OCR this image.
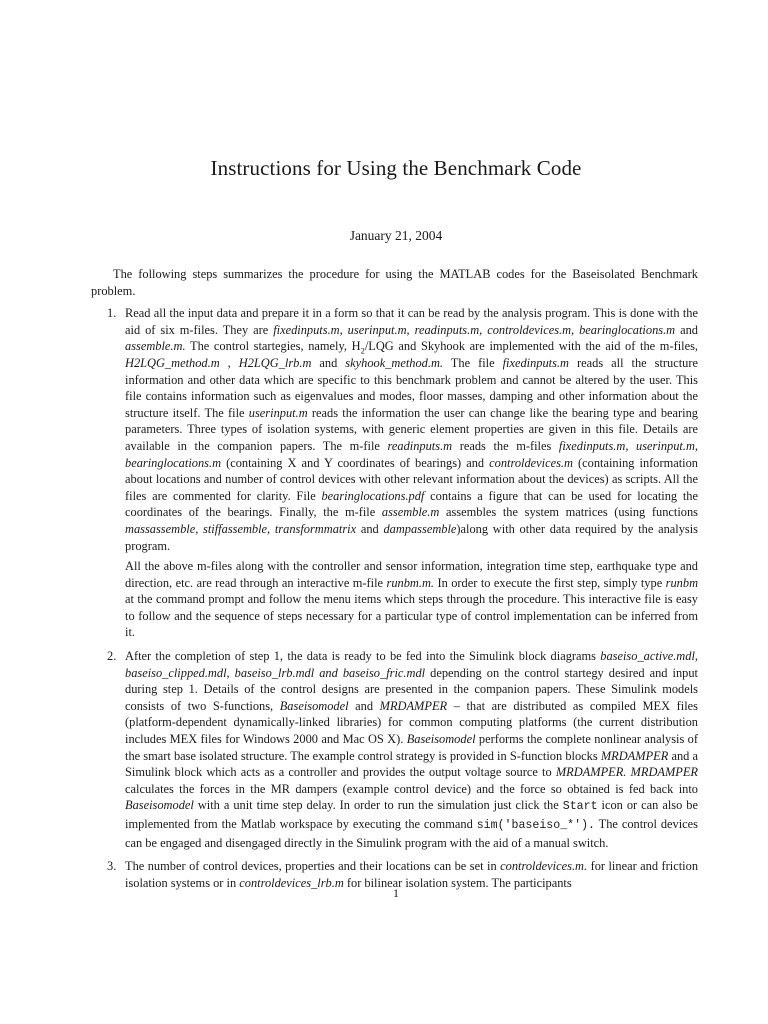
Instructions for Using the Benchmark Code
January 21, 2004

The following steps summarizes the procedure for using the MATLAB codes for the Baseisolated Benchmark problem.

1. Read all the input data and prepare it in a form so that it can be read by the analysis program. This is done with the aid of six m-files. They are fixedinputs.m, userinput.m, readinputs.m, controldevices.m, bearinglocations.m and assemble.m. The control startegies, namely, $H_2$/LQG and Skyhook are implemented with the aid of the m-files, H2LQG_method.m , H2LQG_lrb.m and skyhook_method.m. The file fixedinputs.m reads all the structure information and other data which are specific to this benchmark problem and cannot be altered by the user. This file contains information such as eigenvalues and modes, floor masses, damping and other information about the structure itself. The file userinput.m reads the information the user can change like the bearing type and bearing parameters. Three types of isolation systems, with generic element properties are given in this file. Details are available in the companion papers. The m-file readinputs.m reads the m-files fixedinputs.m, userinput.m, bearinglocations.m (containing X and Y coordinates of bearings) and controldevices.m (containing information about locations and number of control devices with other relevant information about the devices) as scripts. All the files are commented for clarity. File bearinglocations.pdf contains a figure that can be used for locating the coordinates of the bearings. Finally, the m-file assemble.m assembles the system matrices (using functions massassemble, stiffassemble, transformmatrix and dampassemble)along with other data required by the analysis program.

All the above m-files along with the controller and sensor information, integration time step, earthquake type and direction, etc. are read through an interactive m-file runbm.m. In order to execute the first step, simply type runbm at the command prompt and follow the menu items which steps through the procedure. This interactive file is easy to follow and the sequence of steps necessary for a particular type of control implementation can be inferred from it.

2. After the completion of step 1, the data is ready to be fed into the Simulink block diagrams baseiso_active.mdl, baseiso_clipped.mdl, baseiso_lrb.mdl and baseiso_fric.mdl depending on the control startegy desired and input during step 1. Details of the control designs are presented in the companion papers. These Simulink models consists of two S-functions, Baseisomodel and MRDAMPER – that are distributed as compiled MEX files (platform-dependent dynamically-linked libraries) for common computing platforms (the current distribution includes MEX files for Windows 2000 and Mac OS X). Baseisomodel performs the complete nonlinear analysis of the smart base isolated structure. The example control strategy is provided in S-function blocks MRDAMPER and a Simulink block which acts as a controller and provides the output voltage source to MRDAMPER. MRDAMPER calculates the forces in the MR dampers (example control device) and the force so obtained is fed back into Baseisomodel with a unit time step delay. In order to run the simulation just click the Start icon or can also be implemented from the Matlab workspace by executing the command sim('baseiso_*'). The control devices can be engaged and disengaged directly in the Simulink program with the aid of a manual switch.

3. The number of control devices, properties and their locations can be set in controldevices.m. for linear and friction isolation systems or in controldevices_lrb.m for bilinear isolation system. The participants

1
